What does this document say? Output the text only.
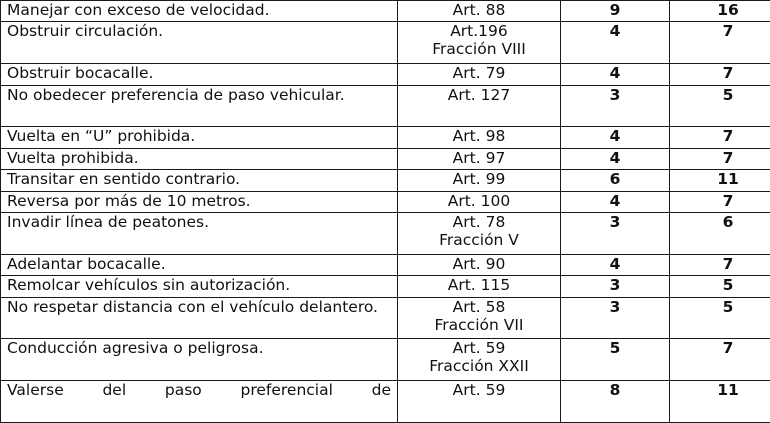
Manejar con exceso de velocidad.	Art. 88	9	16

Obstruir circulación.	Art.196
Fracción VIII	4	7

Obstruir bocacalle.	Art. 79	4	7

No obedecer preferencia de paso vehicular.	Art. 127	3	5

Vuelta en “U” prohibida.	Art. 98	4	7

Vuelta prohibida.	Art. 97	4	7

Transitar en sentido contrario.	Art. 99	6	11

Reversa por más de 10 metros.	Art. 100	4	7

Invadir línea de peatones.	Art. 78
Fracción V	3	6

Adelantar bocacalle.	Art. 90	4	7

Remolcar vehículos sin autorización.	Art. 115	3	5

No respetar distancia con el vehículo delantero.	Art. 58
Fracción VII	3	5

Conducción agresiva o peligrosa.	Art. 59
Fracción XXII	5	7

Valerse del paso preferencial de	Art. 59	8	11
